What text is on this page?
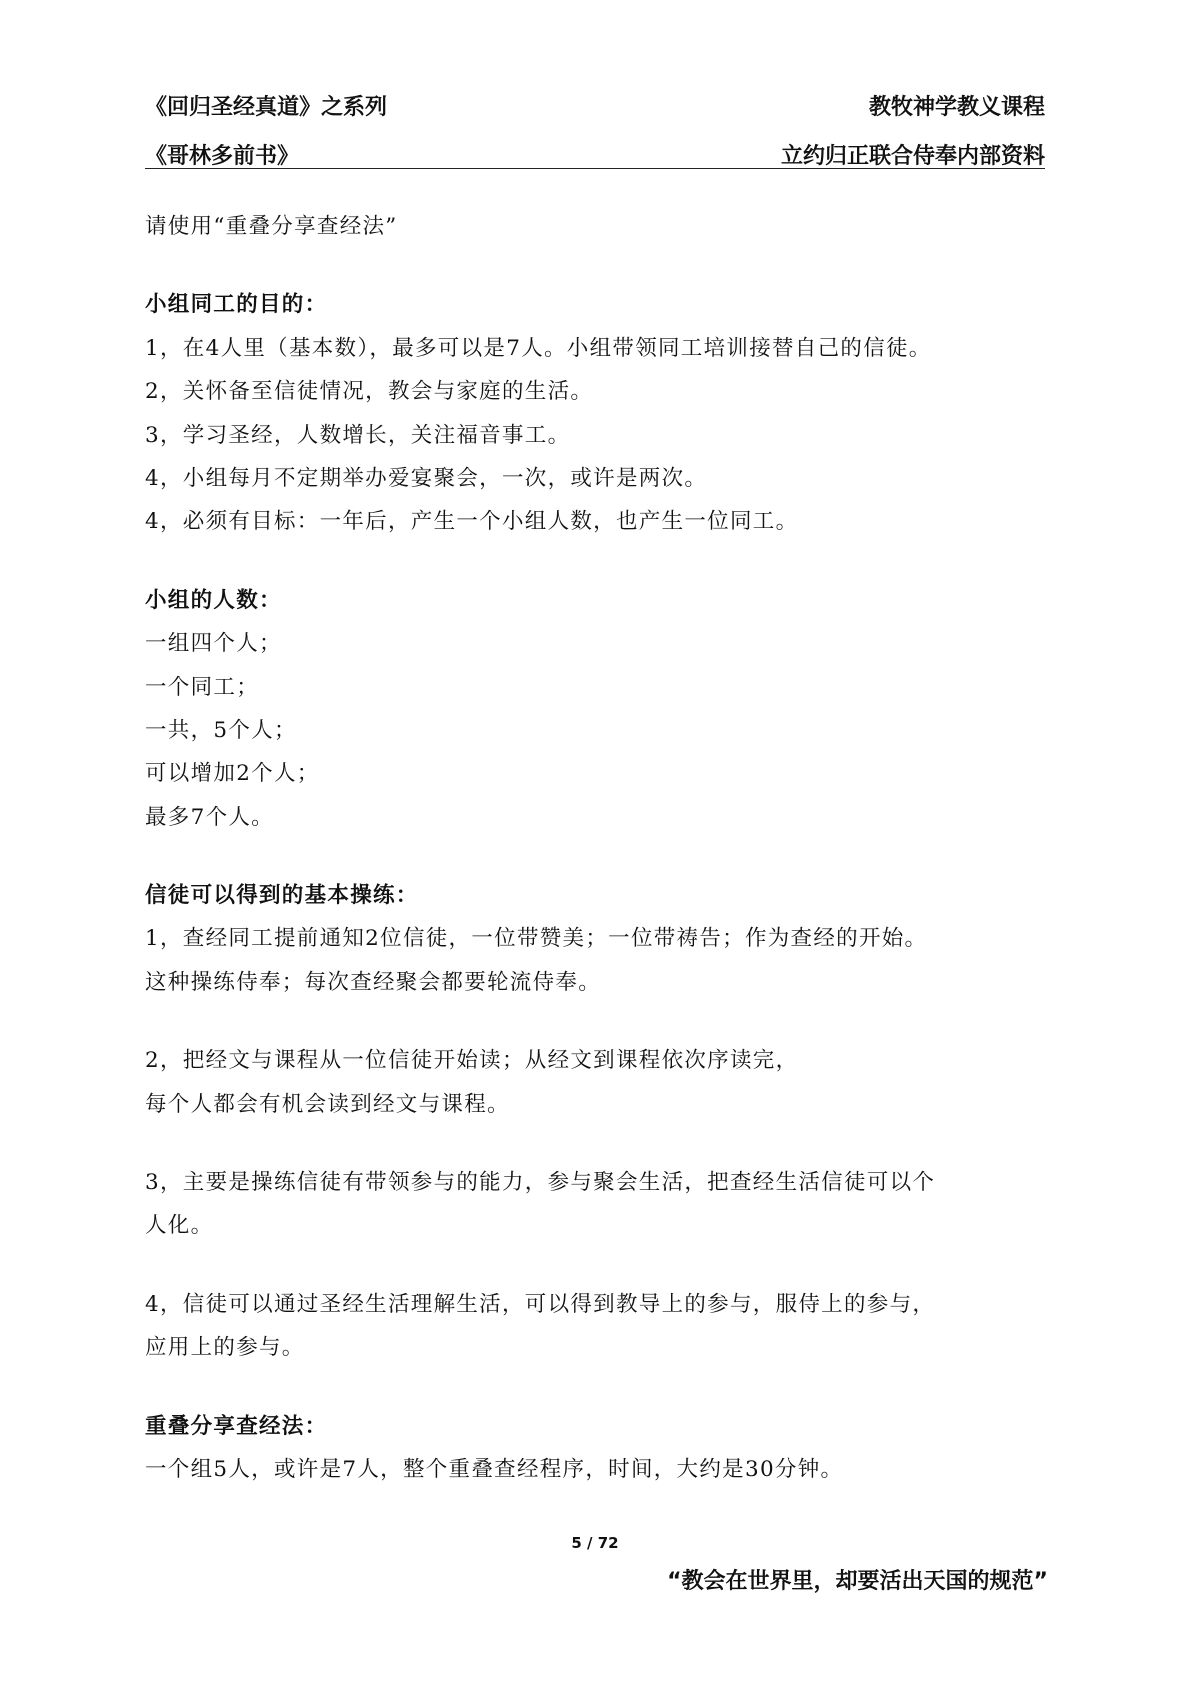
《回归圣经真道》之系列	教牧神学教义课程
《哥林多前书》	立约归正联合侍奉内部资料
请使用“重叠分享查经法”
小组同工的目的：
1，在4人里（基本数），最多可以是7人。小组带领同工培训接替自己的信徒。
2，关怀备至信徒情况，教会与家庭的生活。
3，学习圣经，人数增长，关注福音事工。
4，小组每月不定期举办爱宴聚会，一次，或许是两次。
4，必须有目标：一年后，产生一个小组人数，也产生一位同工。
小组的人数：
一组四个人；
一个同工；
一共，5个人；
可以增加2个人；
最多7个人。
信徒可以得到的基本操练：
1，查经同工提前通知2位信徒，一位带赞美；一位带祷告；作为查经的开始。
这种操练侍奉；每次查经聚会都要轮流侍奉。
2，把经文与课程从一位信徒开始读；从经文到课程依次序读完，
每个人都会有机会读到经文与课程。
3，主要是操练信徒有带领参与的能力，参与聚会生活，把查经生活信徒可以个
人化。
4，信徒可以通过圣经生活理解生活，可以得到教导上的参与，服侍上的参与，
应用上的参与。
重叠分享查经法：
一个组5人，或许是7人，整个重叠查经程序，时间，大约是30分钟。
5 / 72
“教会在世界里，却要活出天国的规范”
